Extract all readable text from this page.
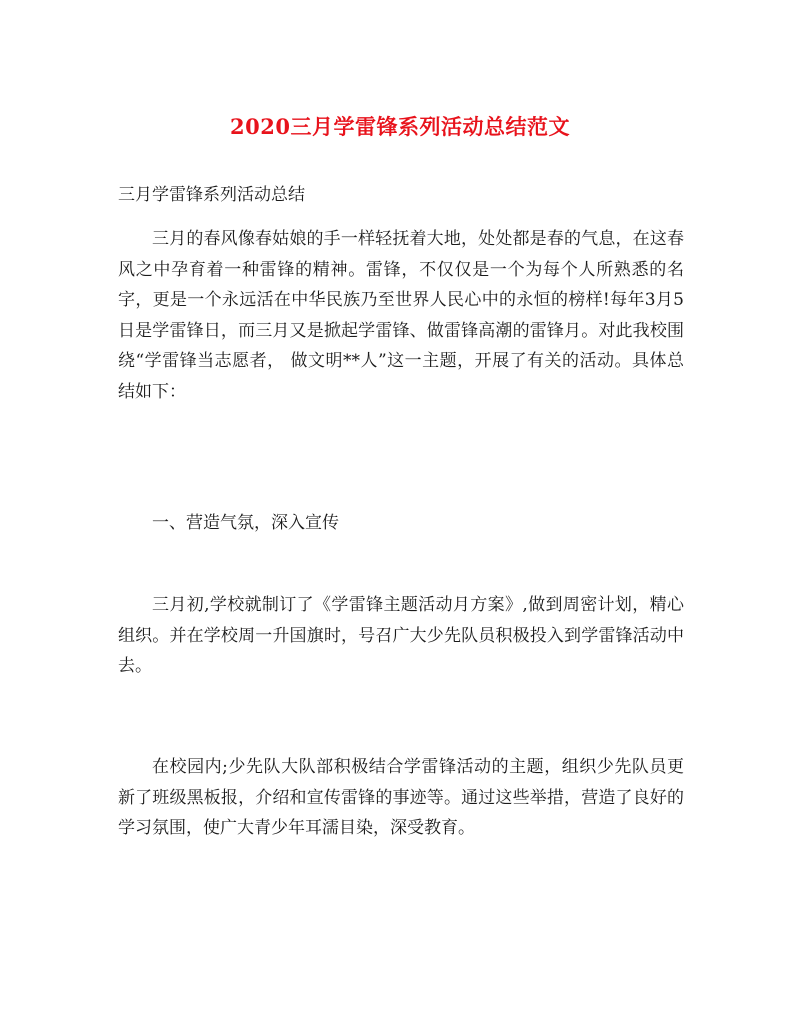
2020三月学雷锋系列活动总结范文
三月学雷锋系列活动总结

三月的春风像春姑娘的手一样轻抚着大地，处处都是春的气息，在这春风之中孕育着一种雷锋的精神。雷锋，不仅仅是一个为每个人所熟悉的名字，更是一个永远活在中华民族乃至世界人民心中的永恒的榜样!每年3月5日是学雷锋日，而三月又是掀起学雷锋、做雷锋高潮的雷锋月。对此我校围绕“学雷锋当志愿者， 做文明**人”这一主题，开展了有关的活动。具体总结如下：

一、营造气氛，深入宣传

三月初,学校就制订了《学雷锋主题活动月方案》,做到周密计划，精心组织。并在学校周一升国旗时，号召广大少先队员积极投入到学雷锋活动中去。

在校园内;少先队大队部积极结合学雷锋活动的主题，组织少先队员更新了班级黑板报，介绍和宣传雷锋的事迹等。通过这些举措，营造了良好的学习氛围，使广大青少年耳濡目染，深受教育。
